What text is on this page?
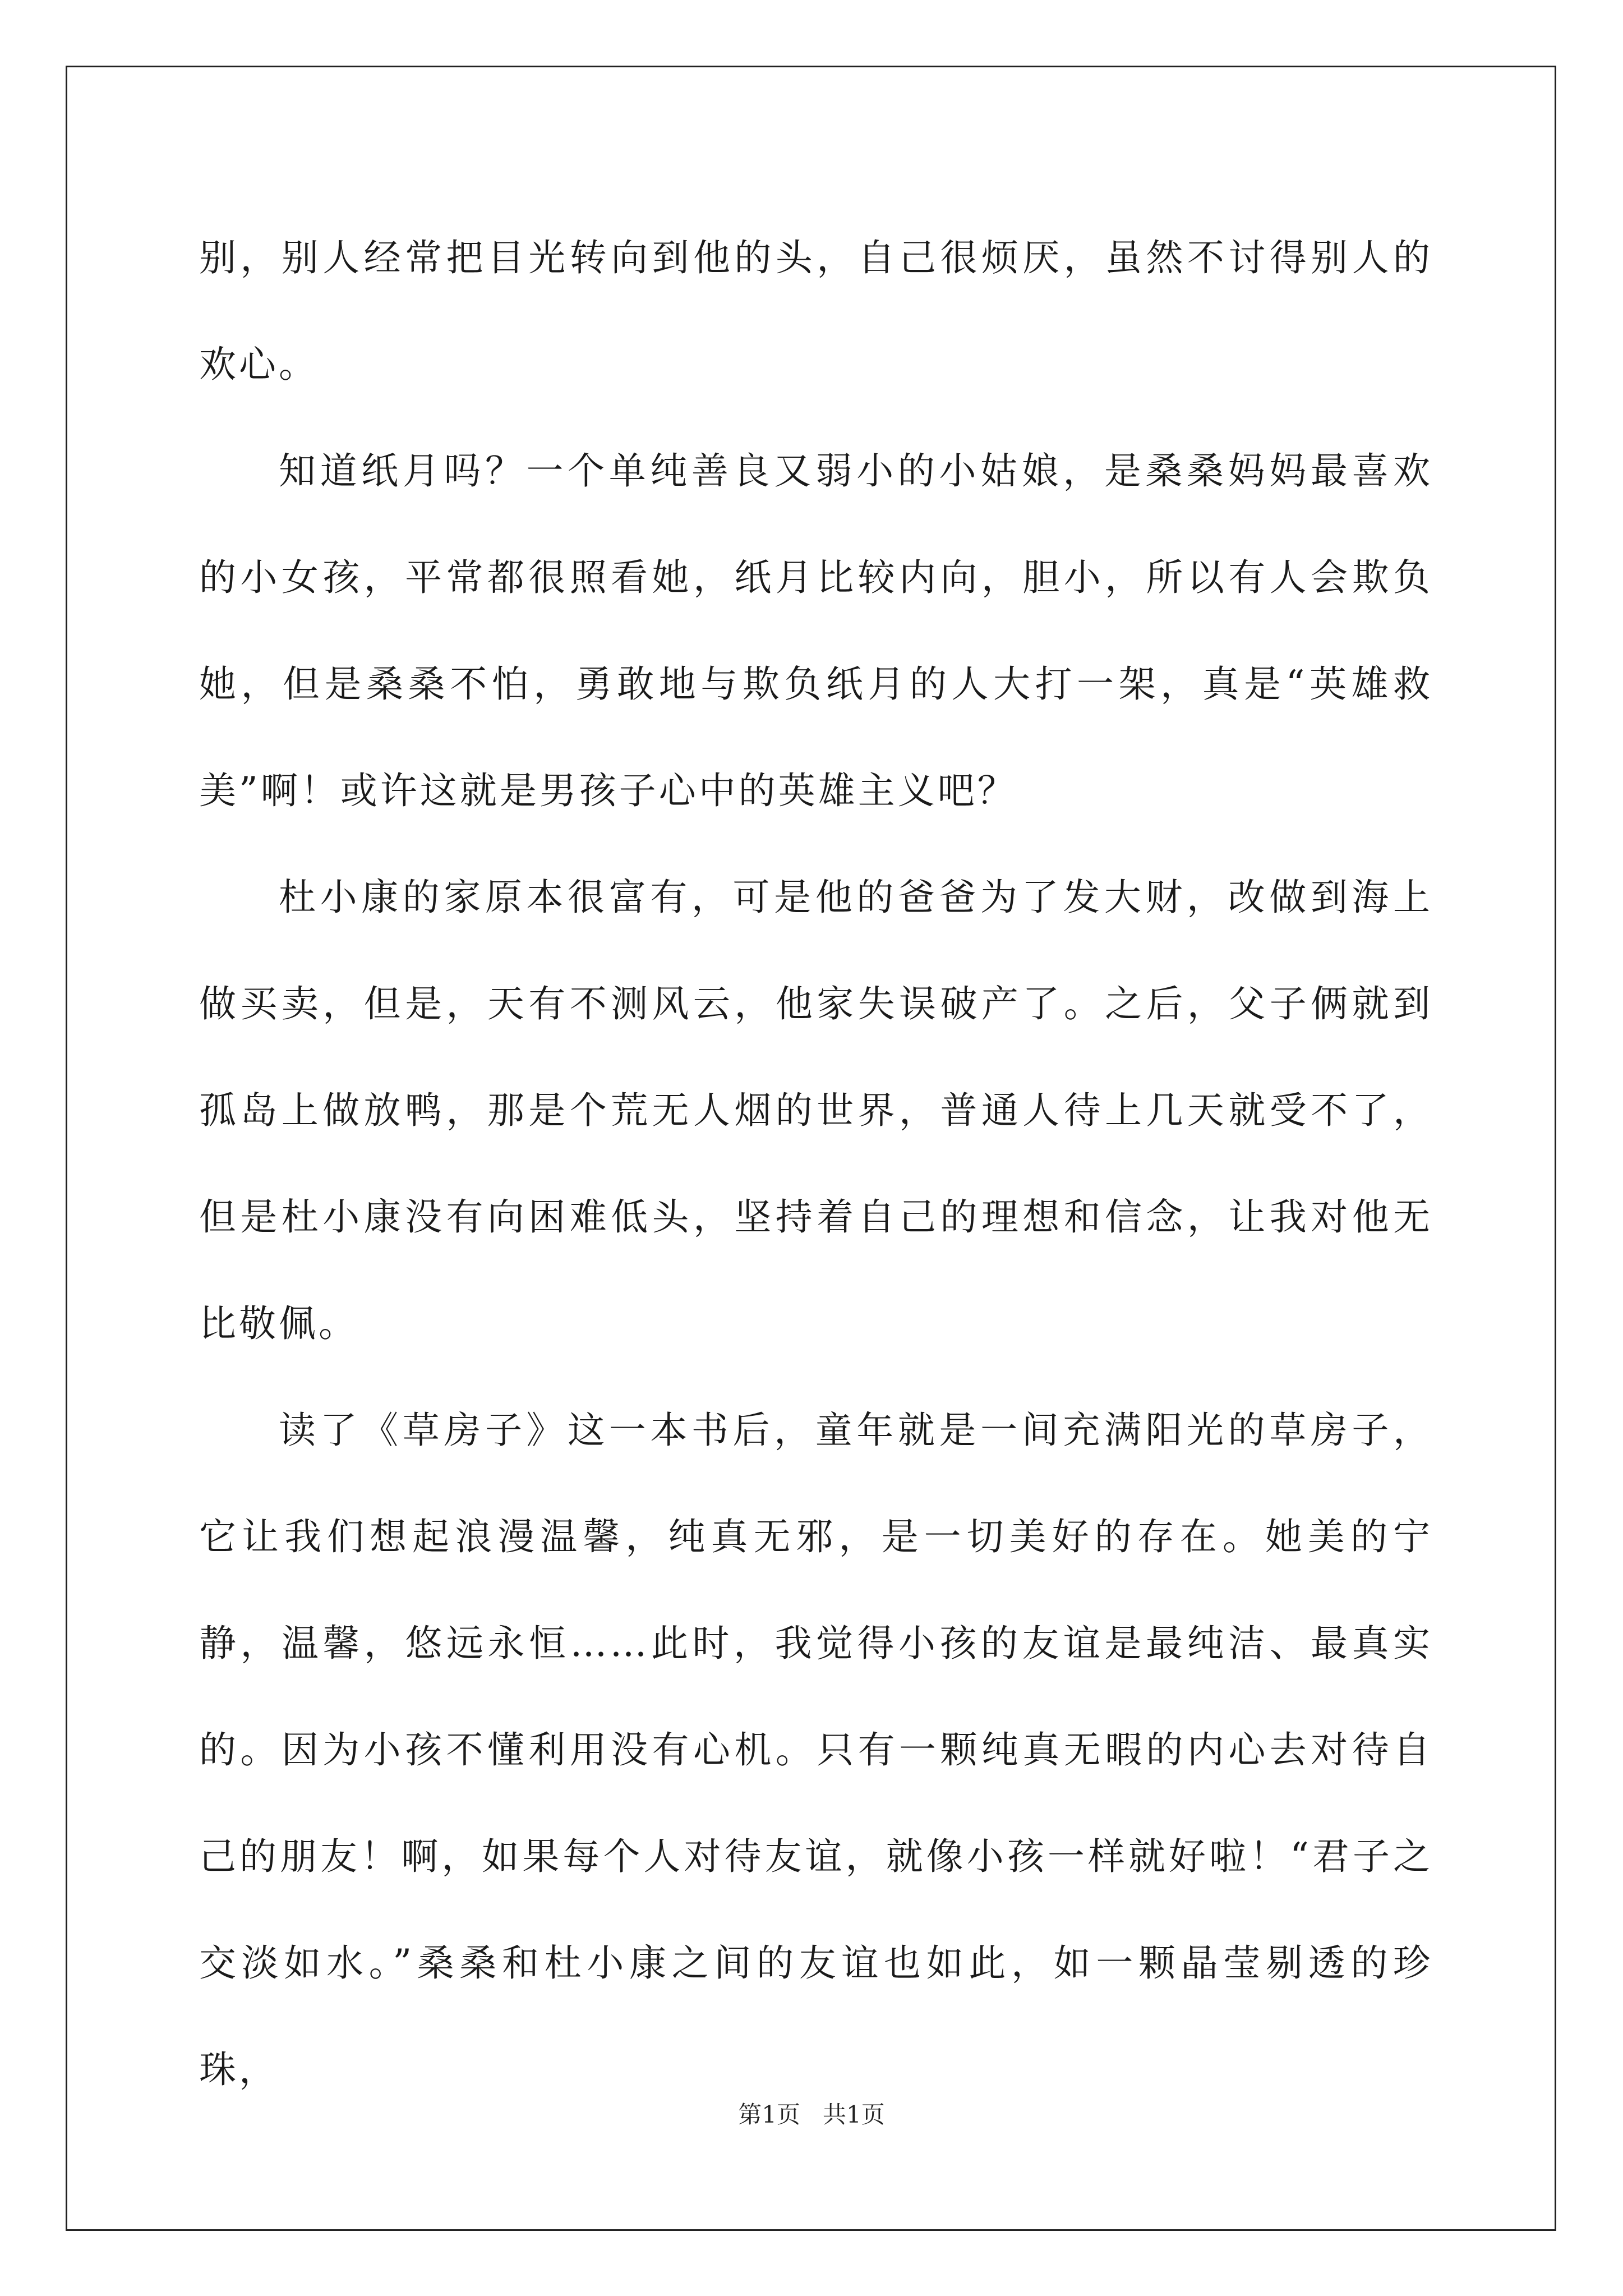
别，别人经常把目光转向到他的头，自己很烦厌，虽然不讨得别人的欢心。

知道纸月吗？一个单纯善良又弱小的小姑娘，是桑桑妈妈最喜欢的小女孩，平常都很照看她，纸月比较内向，胆小，所以有人会欺负她，但是桑桑不怕，勇敢地与欺负纸月的人大打一架，真是“英雄救美”啊！或许这就是男孩子心中的英雄主义吧？

杜小康的家原本很富有，可是他的爸爸为了发大财，改做到海上做买卖，但是，天有不测风云，他家失误破产了。之后，父子俩就到孤岛上做放鸭，那是个荒无人烟的世界，普通人待上几天就受不了，但是杜小康没有向困难低头，坚持着自己的理想和信念，让我对他无比敬佩。

读了《草房子》这一本书后，童年就是一间充满阳光的草房子，它让我们想起浪漫温馨，纯真无邪，是一切美好的存在。她美的宁静，温馨，悠远永恒……此时，我觉得小孩的友谊是最纯洁、最真实的。因为小孩不懂利用没有心机。只有一颗纯真无暇的内心去对待自己的朋友！啊，如果每个人对待友谊，就像小孩一样就好啦！“君子之交淡如水。”桑桑和杜小康之间的友谊也如此，如一颗晶莹剔透的珍珠，

第1页 共1页
